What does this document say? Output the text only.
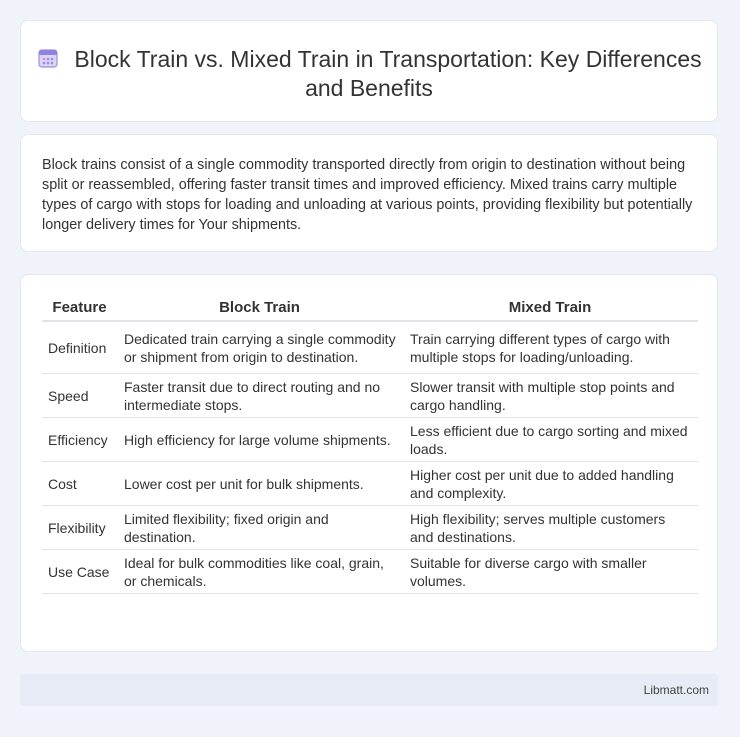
Block Train vs. Mixed Train in Transportation: Key Differences and Benefits
Block trains consist of a single commodity transported directly from origin to destination without being split or reassembled, offering faster transit times and improved efficiency. Mixed trains carry multiple types of cargo with stops for loading and unloading at various points, providing flexibility but potentially longer delivery times for Your shipments.
Feature	Block Train	Mixed Train
Definition	Dedicated train carrying a single commodity or shipment from origin to destination.	Train carrying different types of cargo with multiple stops for loading/unloading.
Speed	Faster transit due to direct routing and no intermediate stops.	Slower transit with multiple stop points and cargo handling.
Efficiency	High efficiency for large volume shipments.	Less efficient due to cargo sorting and mixed loads.
Cost	Lower cost per unit for bulk shipments.	Higher cost per unit due to added handling and complexity.
Flexibility	Limited flexibility; fixed origin and destination.	High flexibility; serves multiple customers and destinations.
Use Case	Ideal for bulk commodities like coal, grain, or chemicals.	Suitable for diverse cargo with smaller volumes.
Libmatt.com
